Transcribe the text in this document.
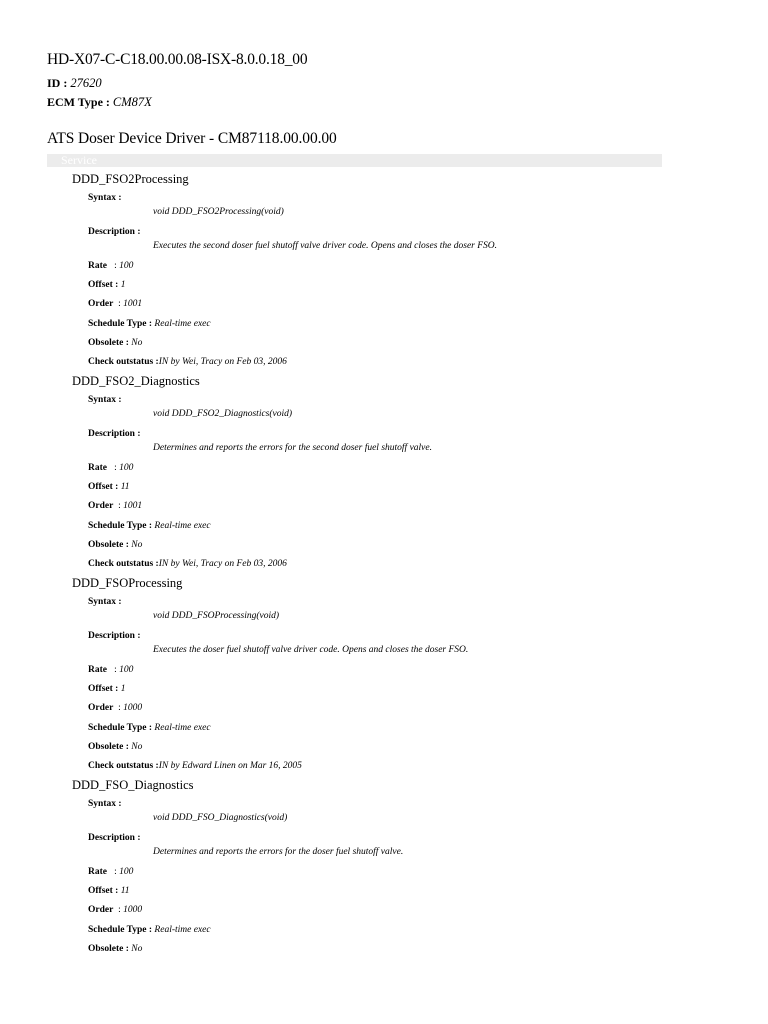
HD-X07-C-C18.00.00.08-ISX-8.0.0.18_00
ID : 27620
ECM Type : CM87X
ATS Doser Device Driver - CM87118.00.00.00
Service
DDD_FSO2Processing
Syntax :
void DDD_FSO2Processing(void)
Description :
Executes the second doser fuel shutoff valve driver code. Opens and closes the doser FSO.
Rate : 100
Offset : 1
Order : 1001
Schedule Type : Real-time exec
Obsolete : No
Check outstatus :IN by Wei, Tracy on Feb 03, 2006
DDD_FSO2_Diagnostics
Syntax :
void DDD_FSO2_Diagnostics(void)
Description :
Determines and reports the errors for the second doser fuel shutoff valve.
Rate : 100
Offset : 11
Order : 1001
Schedule Type : Real-time exec
Obsolete : No
Check outstatus :IN by Wei, Tracy on Feb 03, 2006
DDD_FSOProcessing
Syntax :
void DDD_FSOProcessing(void)
Description :
Executes the doser fuel shutoff valve driver code. Opens and closes the doser FSO.
Rate : 100
Offset : 1
Order : 1000
Schedule Type : Real-time exec
Obsolete : No
Check outstatus :IN by Edward Linen on Mar 16, 2005
DDD_FSO_Diagnostics
Syntax :
void DDD_FSO_Diagnostics(void)
Description :
Determines and reports the errors for the doser fuel shutoff valve.
Rate : 100
Offset : 11
Order : 1000
Schedule Type : Real-time exec
Obsolete : No
